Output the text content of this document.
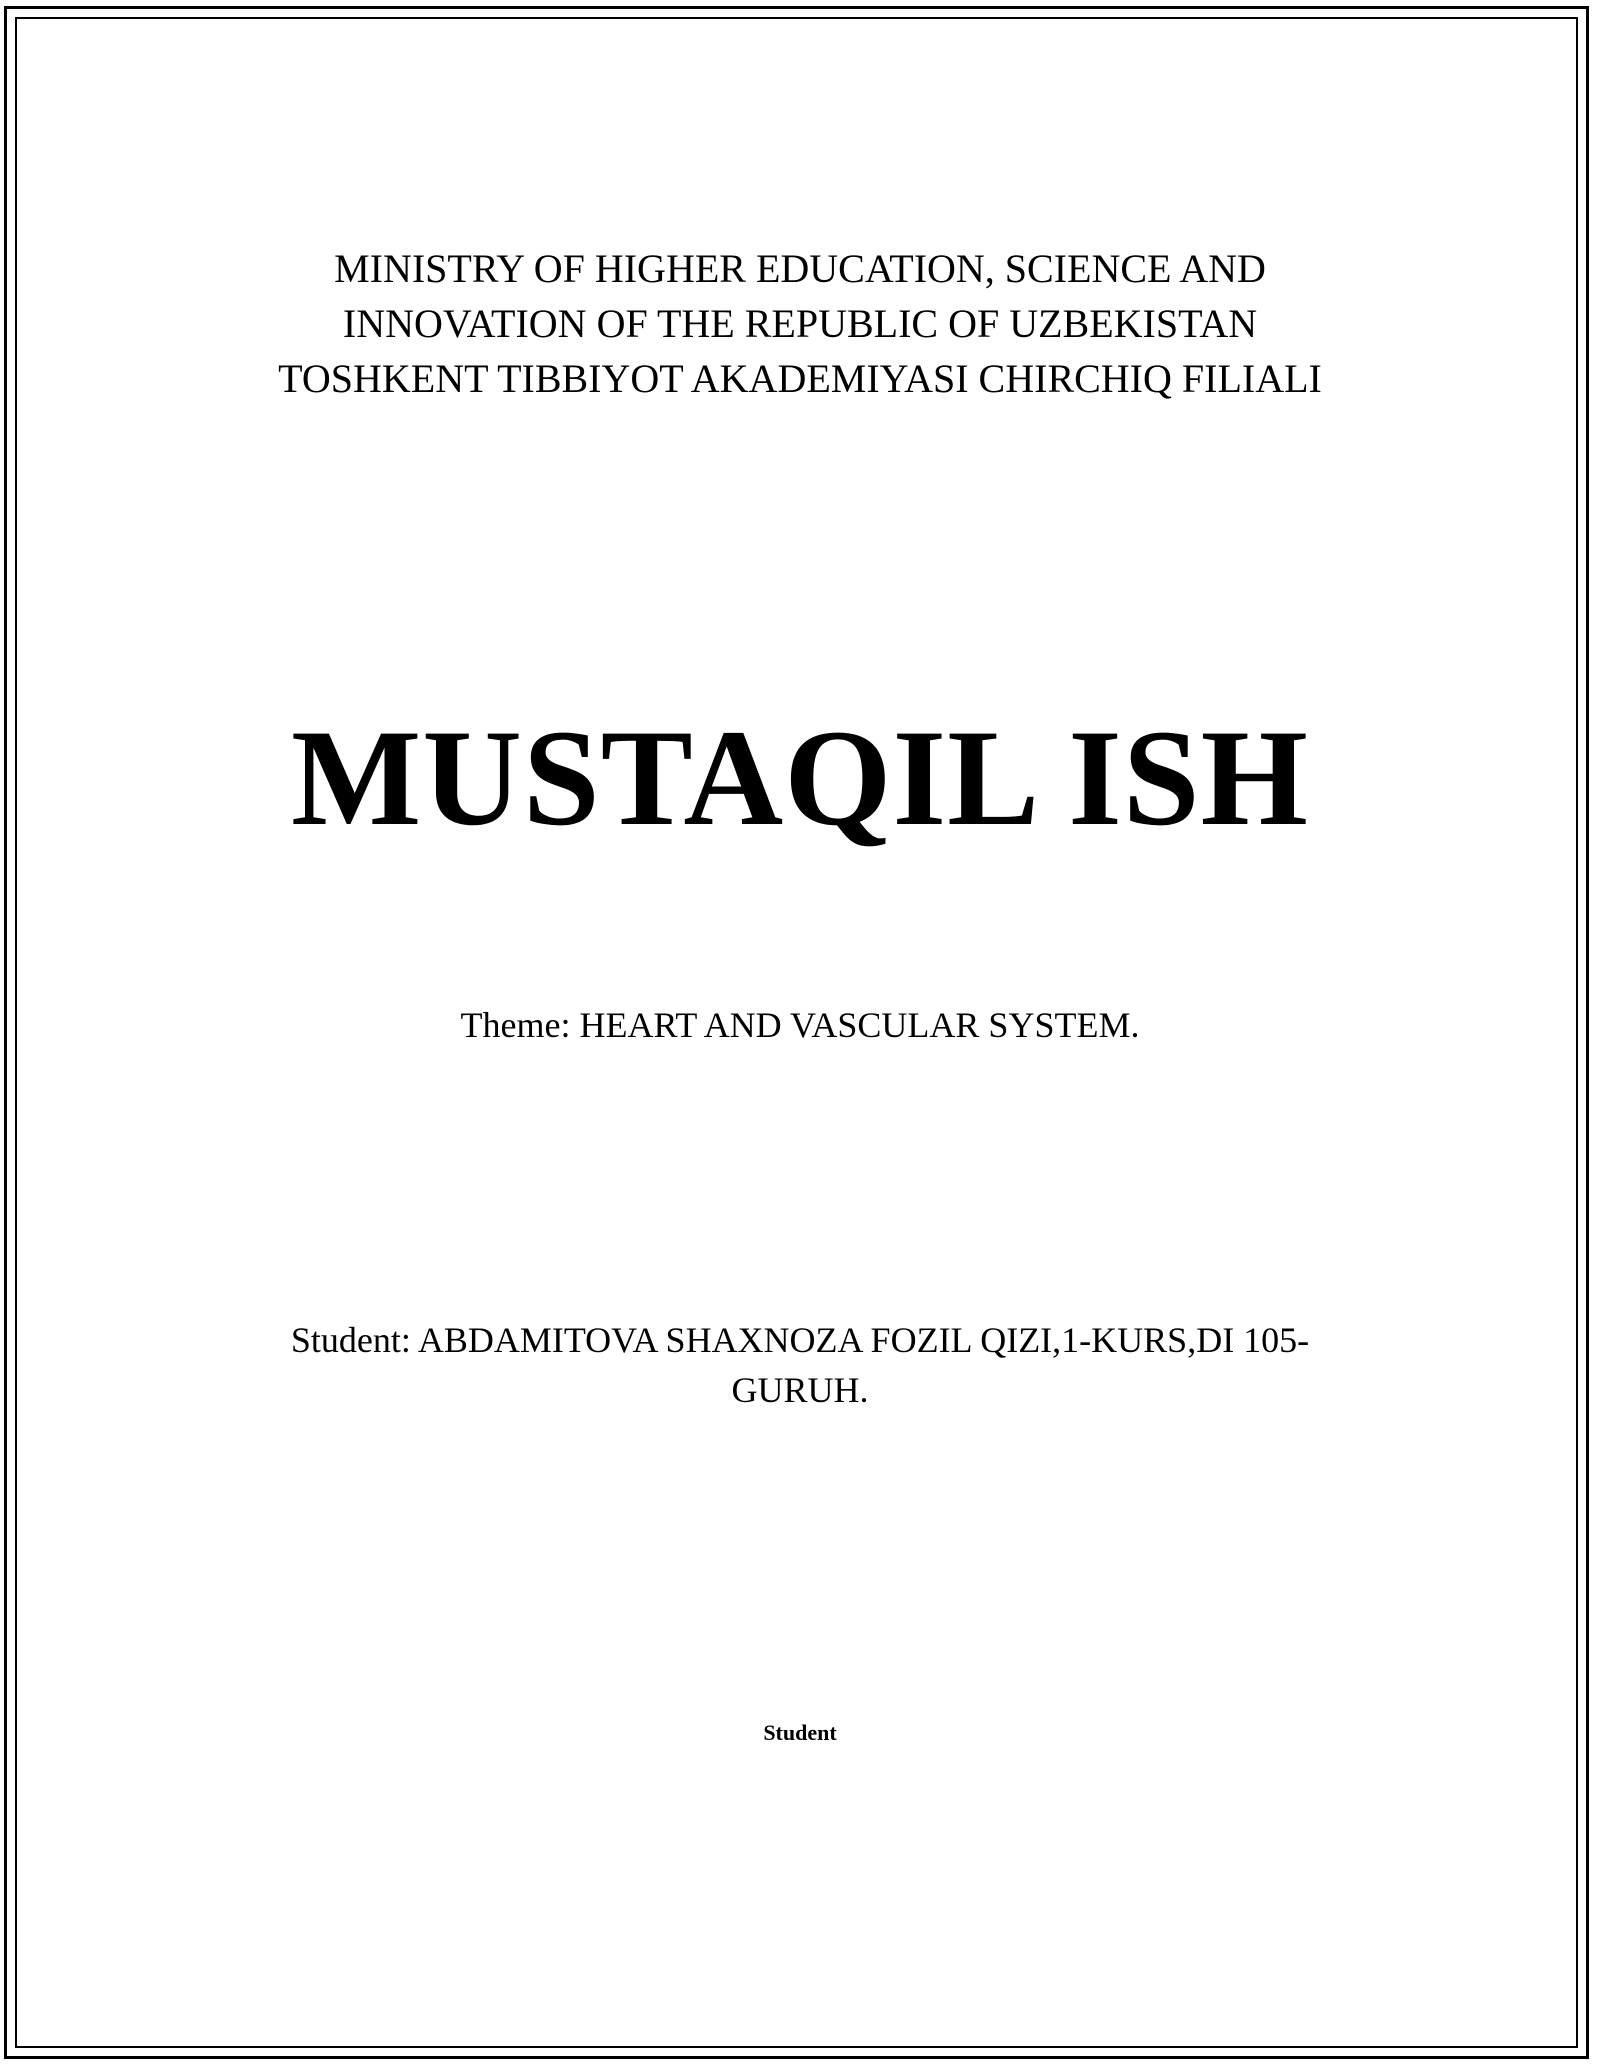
MINISTRY OF HIGHER EDUCATION, SCIENCE AND

INNOVATION OF THE REPUBLIC OF UZBEKISTAN

TOSHKENT TIBBIYOT AKADEMIYASI CHIRCHIQ FILIALI

MUSTAQIL ISH

Theme: HEART AND VASCULAR SYSTEM.

Student: ABDAMITOVA SHAXNOZA FOZIL QIZI,1-KURS,DI 105-

GURUH.

Student
